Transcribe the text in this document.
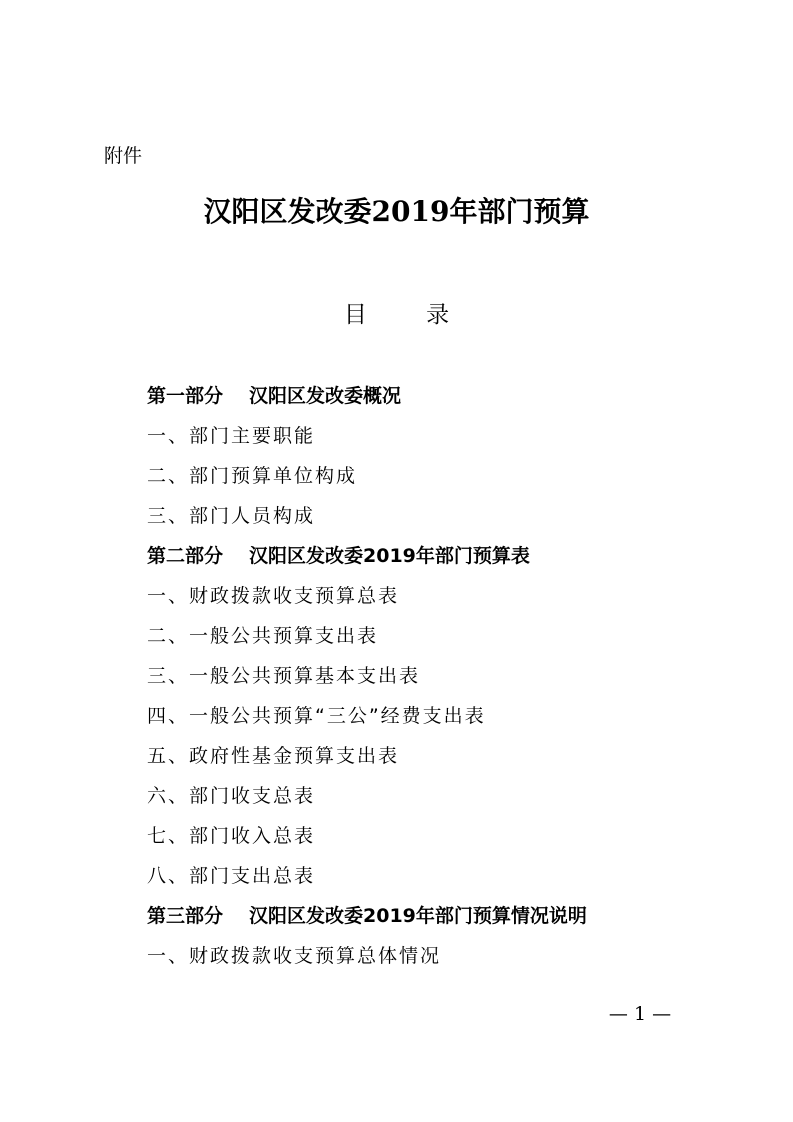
附件
汉阳区发改委2019年部门预算
目 录
第一部分 汉阳区发改委概况
一、部门主要职能
二、部门预算单位构成
三、部门人员构成
第二部分 汉阳区发改委2019年部门预算表
一、财政拨款收支预算总表
二、一般公共预算支出表
三、一般公共预算基本支出表
四、一般公共预算“三公”经费支出表
五、政府性基金预算支出表
六、部门收支总表
七、部门收入总表
八、部门支出总表
第三部分 汉阳区发改委2019年部门预算情况说明
一、财政拨款收支预算总体情况
— 1 —
